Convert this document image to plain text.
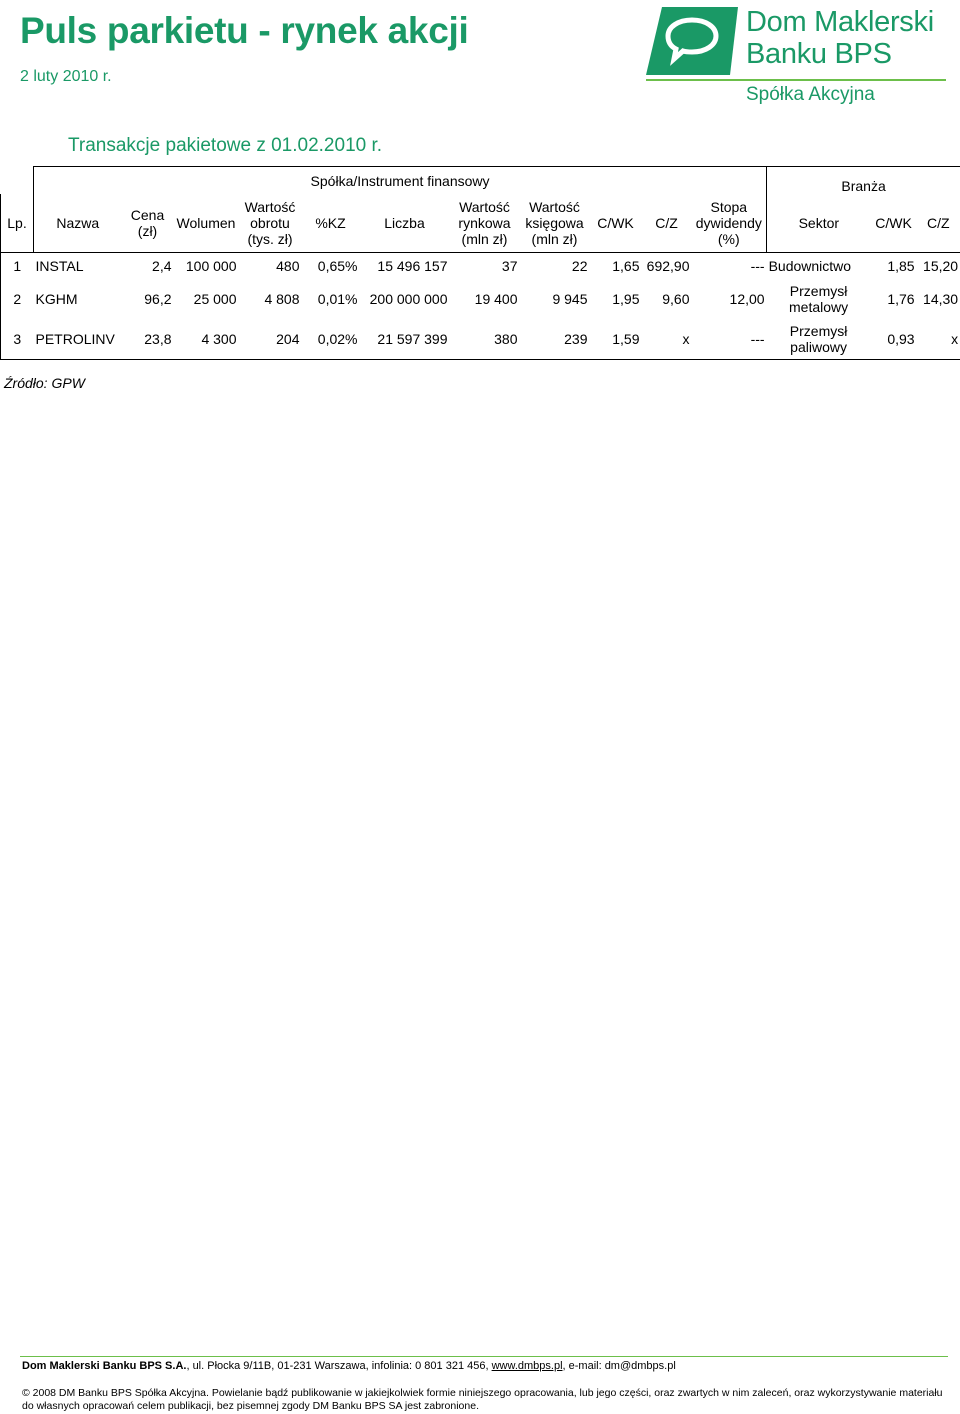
Puls parkietu - rynek akcji
2 luty 2010 r.
Dom Maklerski
Banku BPS
Spółka Akcyjna
Transakcje pakietowe z 01.02.2010 r.
	Spółka/Instrument finansowy											Branża		
Lp.	Nazwa	Cena (zł)	Wolumen	Wartość obrotu (tys. zł)	%KZ	Liczba	Wartość rynkowa (mln zł)	Wartość księgowa (mln zł)	C/WK	C/Z	Stopa dywidendy (%)	Sektor	C/WK	C/Z
1	INSTAL	2,4	100 000	480	0,65%	15 496 157	37	22	1,65	692,90	---	Budownictwo	1,85	15,20
2	KGHM	96,2	25 000	4 808	0,01%	200 000 000	19 400	9 945	1,95	9,60	12,00	Przemysł metalowy	1,76	14,30
3	PETROLINV	23,8	4 300	204	0,02%	21 597 399	380	239	1,59	x	---	Przemysł paliwowy	0,93	x
Źródło: GPW
Dom Maklerski Banku BPS S.A., ul. Płocka 9/11B, 01-231 Warszawa, infolinia: 0 801 321 456, www.dmbps.pl, e-mail: dm@dmbps.pl
© 2008 DM Banku BPS Spółka Akcyjna. Powielanie bądź publikowanie w jakiejkolwiek formie niniejszego opracowania, lub jego części, oraz zwartych w nim zaleceń, oraz wykorzystywanie materiału do własnych opracowań celem publikacji, bez pisemnej zgody DM Banku BPS SA jest zabronione.
